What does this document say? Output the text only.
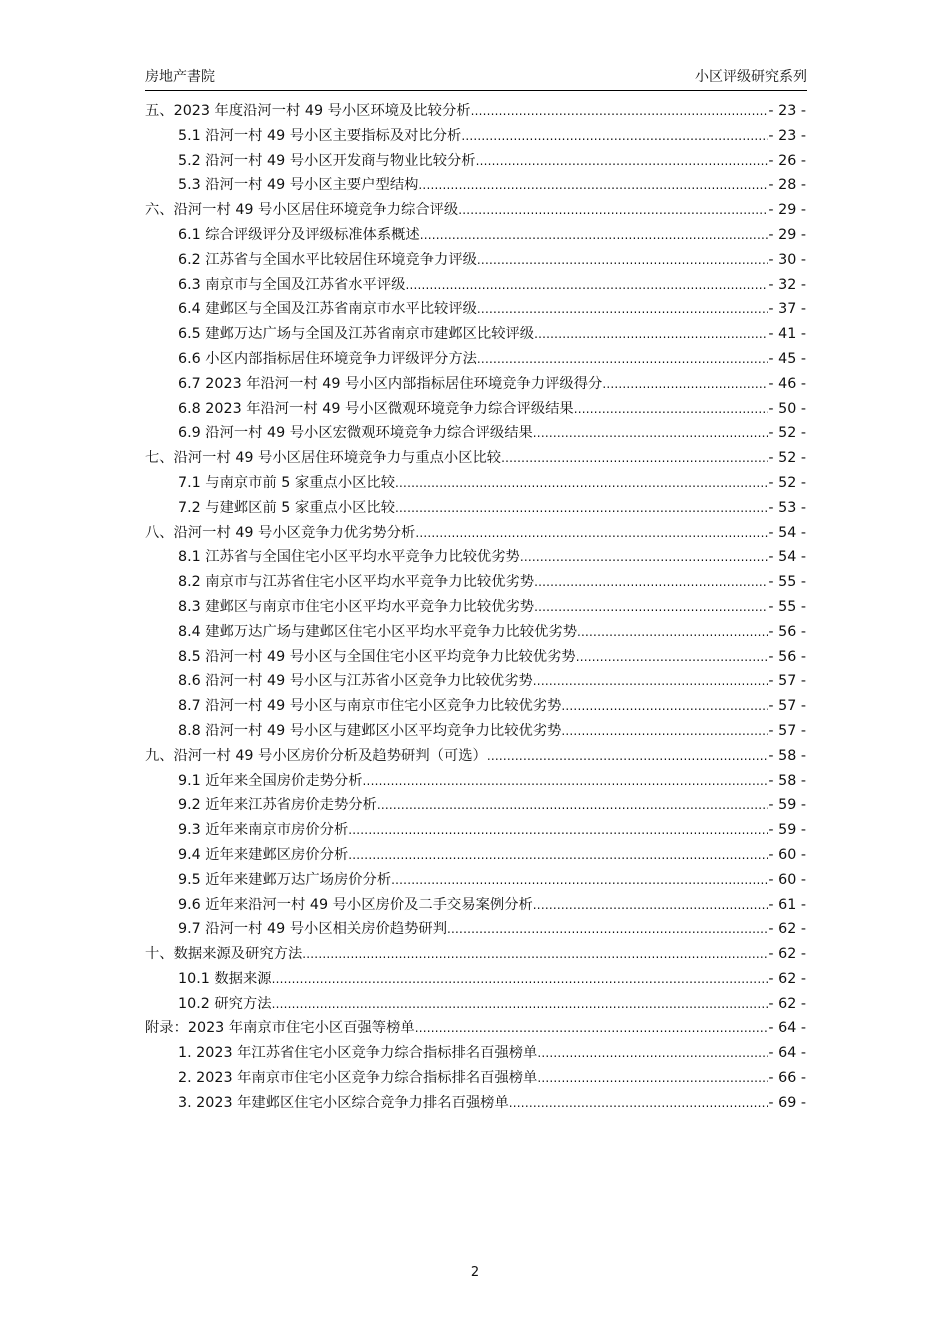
房地产書院	小区评级研究系列
五、2023 年度沿河一村 49 号小区环境及比较分析 .....	- 23 -
5.1 沿河一村 49 号小区主要指标及对比分析 .....	- 23 -
5.2 沿河一村 49 号小区开发商与物业比较分析 .....	- 26 -
5.3 沿河一村 49 号小区主要户型结构 .....	- 28 -
六、沿河一村 49 号小区居住环境竞争力综合评级 .....	- 29 -
6.1 综合评级评分及评级标准体系概述 .....	- 29 -
6.2 江苏省与全国水平比较居住环境竞争力评级 .....	- 30 -
6.3 南京市与全国及江苏省水平评级 .....	- 32 -
6.4 建邺区与全国及江苏省南京市水平比较评级 .....	- 37 -
6.5 建邺万达广场与全国及江苏省南京市建邺区比较评级 .....	- 41 -
6.6 小区内部指标居住环境竞争力评级评分方法 .....	- 45 -
6.7 2023 年沿河一村 49 号小区内部指标居住环境竞争力评级得分 .....	- 46 -
6.8 2023 年沿河一村 49 号小区微观环境竞争力综合评级结果 .....	- 50 -
6.9 沿河一村 49 号小区宏微观环境竞争力综合评级结果 .....	- 52 -
七、沿河一村 49 号小区居住环境竞争力与重点小区比较 .....	- 52 -
7.1 与南京市前 5 家重点小区比较 .....	- 52 -
7.2 与建邺区前 5 家重点小区比较 .....	- 53 -
八、沿河一村 49 号小区竞争力优劣势分析 .....	- 54 -
8.1 江苏省与全国住宅小区平均水平竞争力比较优劣势 .....	- 54 -
8.2 南京市与江苏省住宅小区平均水平竞争力比较优劣势 .....	- 55 -
8.3 建邺区与南京市住宅小区平均水平竞争力比较优劣势 .....	- 55 -
8.4 建邺万达广场与建邺区住宅小区平均水平竞争力比较优劣势 .....	- 56 -
8.5 沿河一村 49 号小区与全国住宅小区平均竞争力比较优劣势 .....	- 56 -
8.6 沿河一村 49 号小区与江苏省小区竞争力比较优劣势 .....	- 57 -
8.7 沿河一村 49 号小区与南京市住宅小区竞争力比较优劣势 .....	- 57 -
8.8 沿河一村 49 号小区与建邺区小区平均竞争力比较优劣势 .....	- 57 -
九、沿河一村 49 号小区房价分析及趋势研判（可选） .....	- 58 -
9.1 近年来全国房价走势分析 .....	- 58 -
9.2 近年来江苏省房价走势分析 .....	- 59 -
9.3 近年来南京市房价分析 .....	- 59 -
9.4 近年来建邺区房价分析 .....	- 60 -
9.5 近年来建邺万达广场房价分析 .....	- 60 -
9.6 近年来沿河一村 49 号小区房价及二手交易案例分析 .....	- 61 -
9.7 沿河一村 49 号小区相关房价趋势研判 .....	- 62 -
十、数据来源及研究方法 .....	- 62 -
10.1 数据来源 .....	- 62 -
10.2 研究方法 .....	- 62 -
附录：2023 年南京市住宅小区百强等榜单 .....	- 64 -
1. 2023 年江苏省住宅小区竞争力综合指标排名百强榜单 .....	- 64 -
2. 2023 年南京市住宅小区竞争力综合指标排名百强榜单 .....	- 66 -
3. 2023 年建邺区住宅小区综合竞争力排名百强榜单 .....	- 69 -
2
